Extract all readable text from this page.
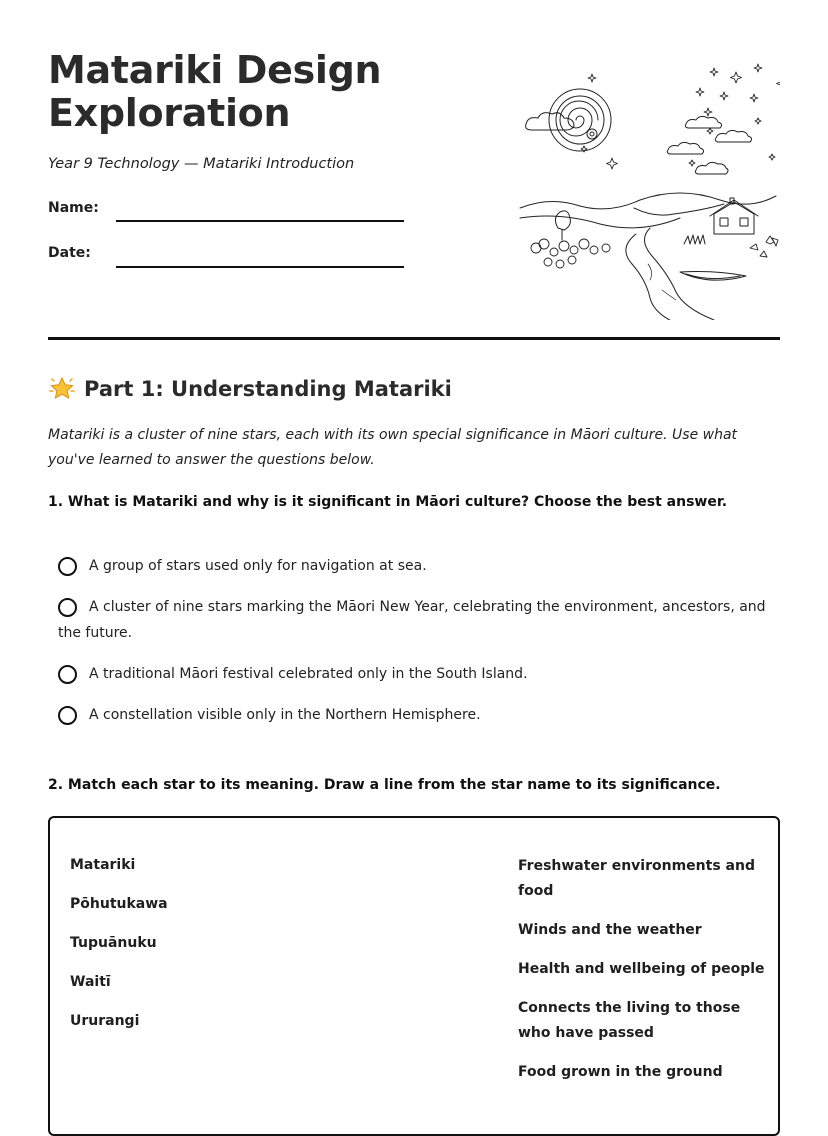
Matariki Design Exploration
Year 9 Technology — Matariki Introduction
Name:
Date:
Part 1: Understanding Matariki
Matariki is a cluster of nine stars, each with its own special significance in Māori culture. Use what you've learned to answer the questions below.
1. What is Matariki and why is it significant in Māori culture? Choose the best answer.
A group of stars used only for navigation at sea.
A cluster of nine stars marking the Māori New Year, celebrating the environment, ancestors, and the future.
A traditional Māori festival celebrated only in the South Island.
A constellation visible only in the Northern Hemisphere.
2. Match each star to its meaning. Draw a line from the star name to its significance.
Matariki
Pōhutukawa
Tupuānuku
Waitī
Ururangi
Freshwater environments and food
Winds and the weather
Health and wellbeing of people
Connects the living to those who have passed
Food grown in the ground
